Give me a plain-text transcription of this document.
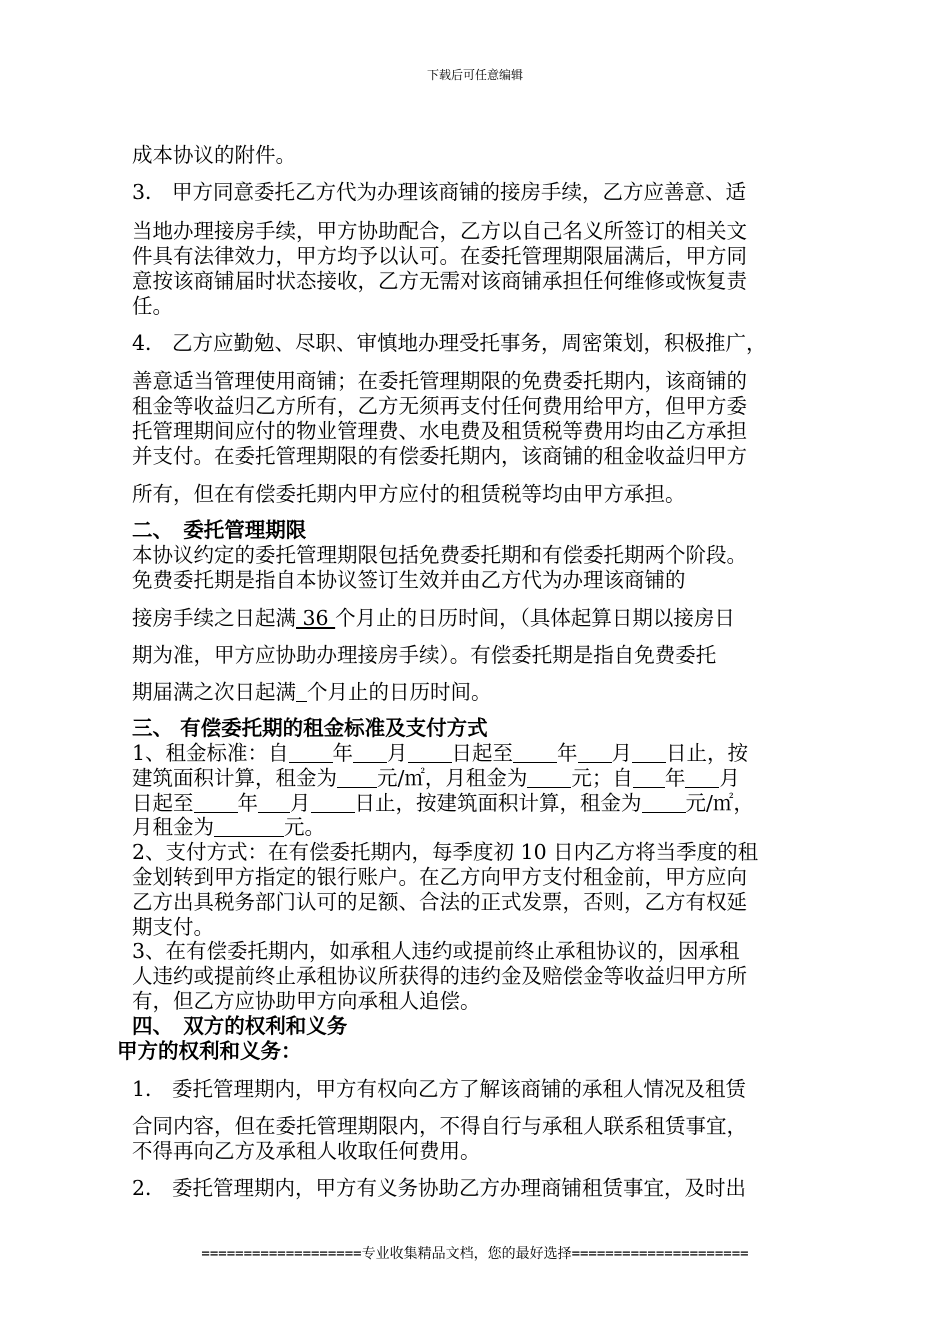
下载后可任意编辑

成本协议的附件。

3． 甲方同意委托乙方代为办理该商铺的接房手续，乙方应善意、适

当地办理接房手续，甲方协助配合，乙方以自己名义所签订的相关文

件具有法律效力，甲方均予以认可。在委托管理期限届满后，甲方同

意按该商铺届时状态接收，乙方无需对该商铺承担任何维修或恢复责

任。

4． 乙方应勤勉、尽职、审慎地办理受托事务，周密策划，积极推广，

善意适当管理使用商铺；在委托管理期限的免费委托期内，该商铺的

租金等收益归乙方所有，乙方无须再支付任何费用给甲方，但甲方委

托管理期间应付的物业管理费、水电费及租赁税等费用均由乙方承担

并支付。在委托管理期限的有偿委托期内，该商铺的租金收益归甲方

所有，但在有偿委托期内甲方应付的租赁税等均由甲方承担。

二、　委托管理期限

本协议约定的委托管理期限包括免费委托期和有偿委托期两个阶段。

免费委托期是指自本协议签订生效并由乙方代为办理该商铺的

接房手续之日起满 36 个月止的日历时间，（具体起算日期以接房日

期为准，甲方应协助办理接房手续）。有偿委托期是指自免费委托

期届满之次日起满 个月止的日历时间。

三、 有偿委托期的租金标准及支付方式

1、租金标准：自 年 月 日起至 年 月 日止，按

建筑面积计算，租金为 元/㎡，月租金为 元；自 年 月

日起至 年 月 日止，按建筑面积计算，租金为 元/㎡，

月租金为	元。

2、支付方式：在有偿委托期内，每季度初 10 日内乙方将当季度的租

金划转到甲方指定的银行账户。在乙方向甲方支付租金前，甲方应向

乙方出具税务部门认可的足额、合法的正式发票，否则，乙方有权延

期支付。

3、在有偿委托期内，如承租人违约或提前终止承租协议的，因承租

人违约或提前终止承租协议所获得的违约金及赔偿金等收益归甲方所

有，但乙方应协助甲方向承租人追偿。

四、　双方的权利和义务

甲方的权利和义务：

1． 委托管理期内，甲方有权向乙方了解该商铺的承租人情况及租赁

合同内容，但在委托管理期限内，不得自行与承租人联系租赁事宜，

不得再向乙方及承租人收取任何费用。

2． 委托管理期内，甲方有义务协助乙方办理商铺租赁事宜，及时出

===================专业收集精品文档，您的最好选择=====================
